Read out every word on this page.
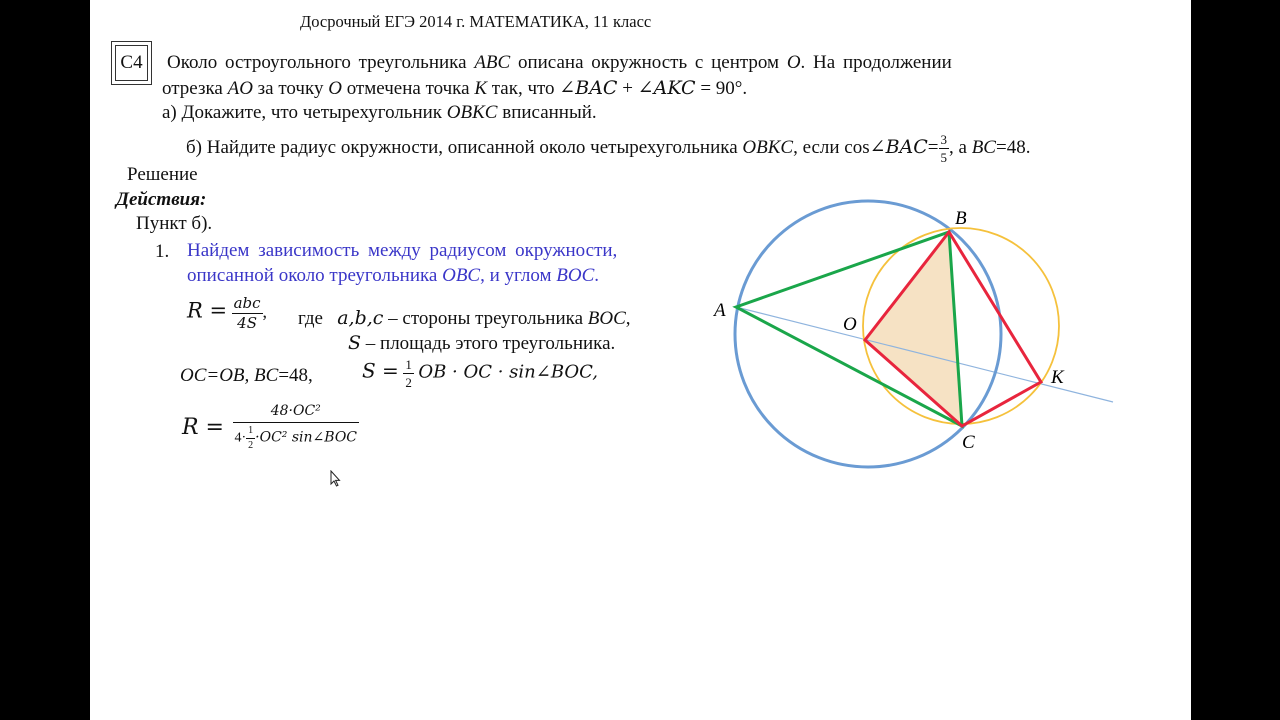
Досрочный ЕГЭ 2014 г. МАТЕМАТИКА, 11 класс
С4 Около остроугольного треугольника ABC описана окружность с центром O. На продолжении
отрезка AO за точку O отмечена точка K так, что ∠BAC + ∠AKC = 90°.
а) Докажите, что четырехугольник OBKC вписанный.
б) Найдите радиус окружности, описанной около четырехугольника OBKC, если cos∠BAC= $\frac{3}{5}$ , а BC=48.
Решение
Действия:
Пункт б).
1. Найдем зависимость между радиусом окружности,
описанной около треугольника OBC, и углом BOC.
$R = \frac{\text{abc}}{4S}$ , где a,b,c – стороны треугольника BOC,
S – площадь этого треугольника.
OC=OB, BC=48, $S = \frac{1}{2}$ OB · OC · sin∠BOC,
$R = \frac{\text{48·OC²}}{4\cdot \frac{1}{2} \cdot OC^2 \sin\angle BOC}$
A
B
O
K
C
